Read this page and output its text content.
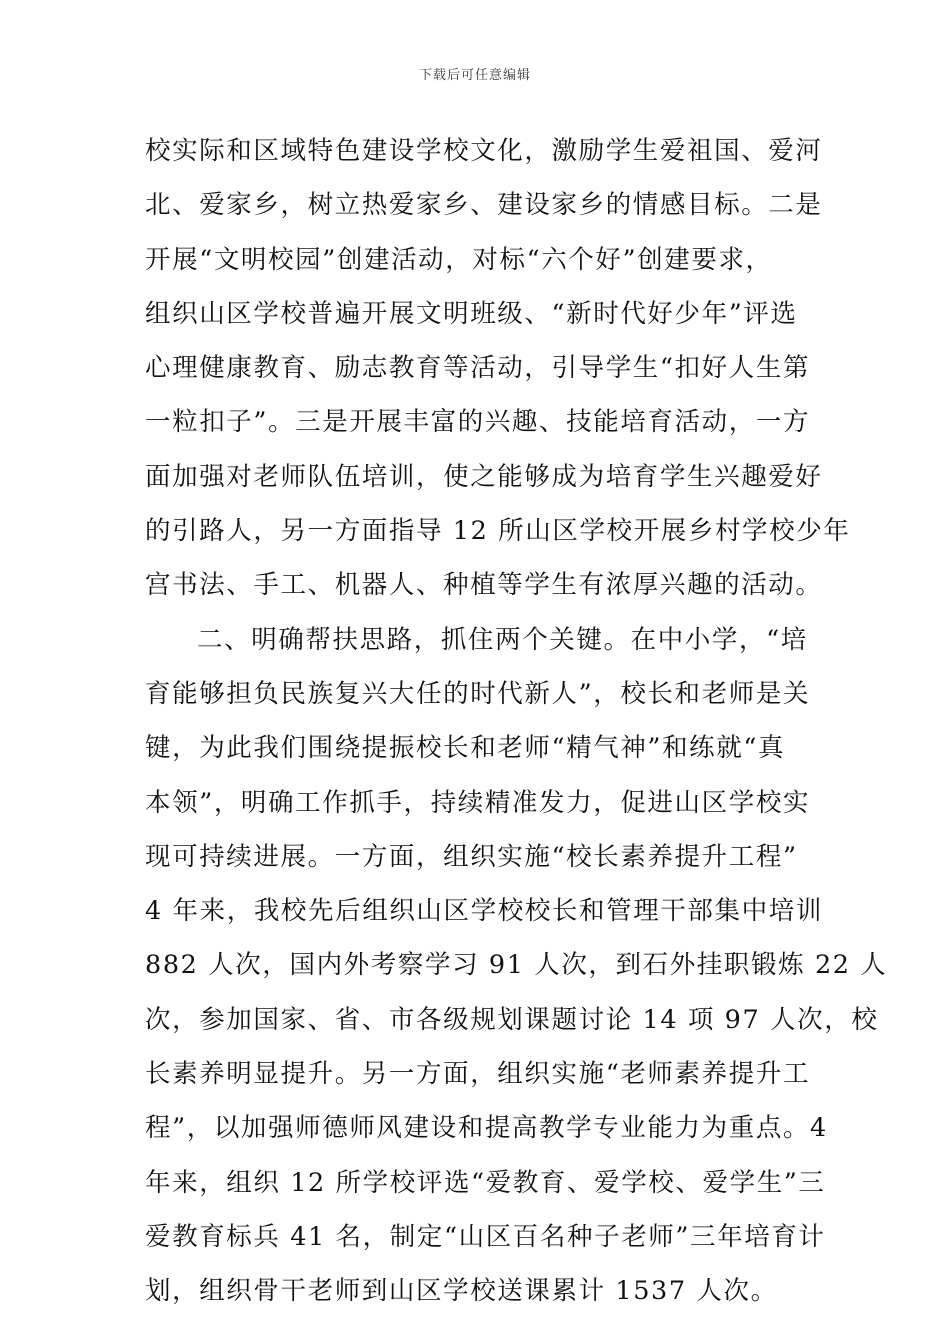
下载后可任意编辑
校实际和区域特色建设学校文化，激励学生爱祖国、爱河
北、爱家乡，树立热爱家乡、建设家乡的情感目标。二是
开展“文明校园”创建活动，对标“六个好”创建要求，
组织山区学校普遍开展文明班级、“新时代好少年”评选
心理健康教育、励志教育等活动，引导学生“扣好人生第
一粒扣子”。三是开展丰富的兴趣、技能培育活动，一方
面加强对老师队伍培训，使之能够成为培育学生兴趣爱好
的引路人，另一方面指导 12 所山区学校开展乡村学校少年
宫书法、手工、机器人、种植等学生有浓厚兴趣的活动。
二、明确帮扶思路，抓住两个关键。在中小学，“培
育能够担负民族复兴大任的时代新人”，校长和老师是关
键，为此我们围绕提振校长和老师“精气神”和练就“真
本领”，明确工作抓手，持续精准发力，促进山区学校实
现可持续进展。一方面，组织实施“校长素养提升工程”
4 年来，我校先后组织山区学校校长和管理干部集中培训
882 人次，国内外考察学习 91 人次，到石外挂职锻炼 22 人
次，参加国家、省、市各级规划课题讨论 14 项 97 人次，校
长素养明显提升。另一方面，组织实施“老师素养提升工
程”，以加强师德师风建设和提高教学专业能力为重点。4
年来，组织 12 所学校评选“爱教育、爱学校、爱学生”三
爱教育标兵 41 名，制定“山区百名种子老师”三年培育计
划，组织骨干老师到山区学校送课累计 1537 人次。
